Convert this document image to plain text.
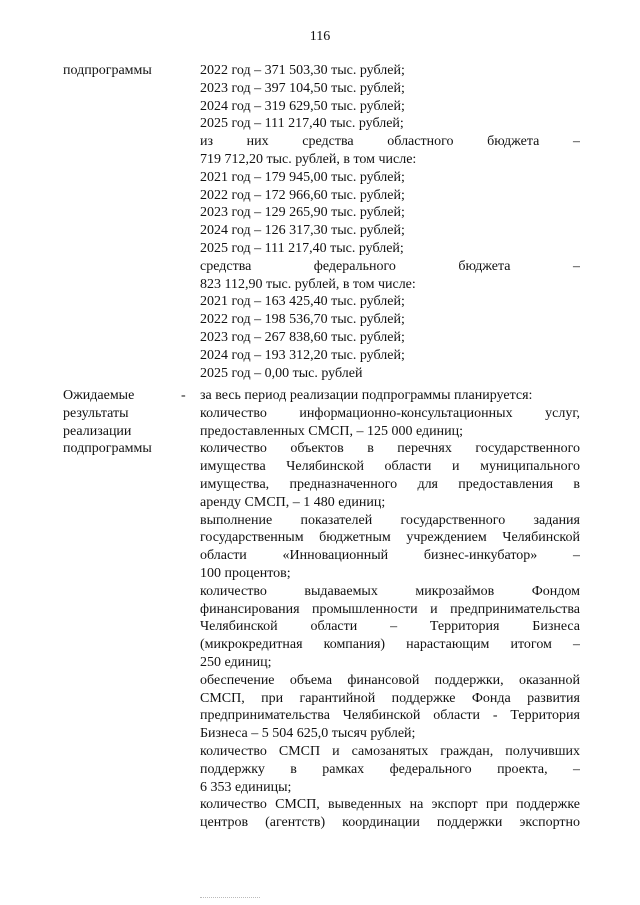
116
подпрограммы	2022 год – 371 503,30 тыс. рублей;
2023 год – 397 104,50 тыс. рублей;
2024 год – 319 629,50 тыс. рублей;
2025 год – 111 217,40 тыс. рублей;
из них средства областного бюджета –
719 712,20 тыс. рублей, в том числе:
2021 год – 179 945,00 тыс. рублей;
2022 год – 172 966,60 тыс. рублей;
2023 год – 129 265,90 тыс. рублей;
2024 год – 126 317,30 тыс. рублей;
2025 год – 111 217,40 тыс. рублей;
средства федерального бюджета –
823 112,90 тыс. рублей, в том числе:
2021 год – 163 425,40 тыс. рублей;
2022 год – 198 536,70 тыс. рублей;
2023 год – 267 838,60 тыс. рублей;
2024 год – 193 312,20 тыс. рублей;
2025 год – 0,00 тыс. рублей
Ожидаемые
результаты
реализации
подпрограммы
- за весь период реализации подпрограммы планируется:
количество информационно-консультационных услуг,
предоставленных СМСП, – 125 000 единиц;
количество объектов в перечнях государственного
имущества Челябинской области и муниципального
имущества, предназначенного для предоставления в
аренду СМСП, – 1 480 единиц;
выполнение показателей государственного задания
государственным бюджетным учреждением Челябинской
области «Инновационный бизнес-инкубатор» –
100 процентов;
количество выдаваемых микрозаймов Фондом
финансирования промышленности и предпринимательства
Челябинской области – Территория Бизнеса
(микрокредитная компания) нарастающим итогом –
250 единиц;
обеспечение объема финансовой поддержки, оказанной
СМСП, при гарантийной поддержке Фонда развития
предпринимательства Челябинской области - Территория
Бизнеса – 5 504 625,0 тысяч рублей;
количество СМСП и самозанятых граждан, получивших
поддержку в рамках федерального проекта, –
6 353 единицы;
количество СМСП, выведенных на экспорт при поддержке
центров (агентств) координации поддержки экспортно
